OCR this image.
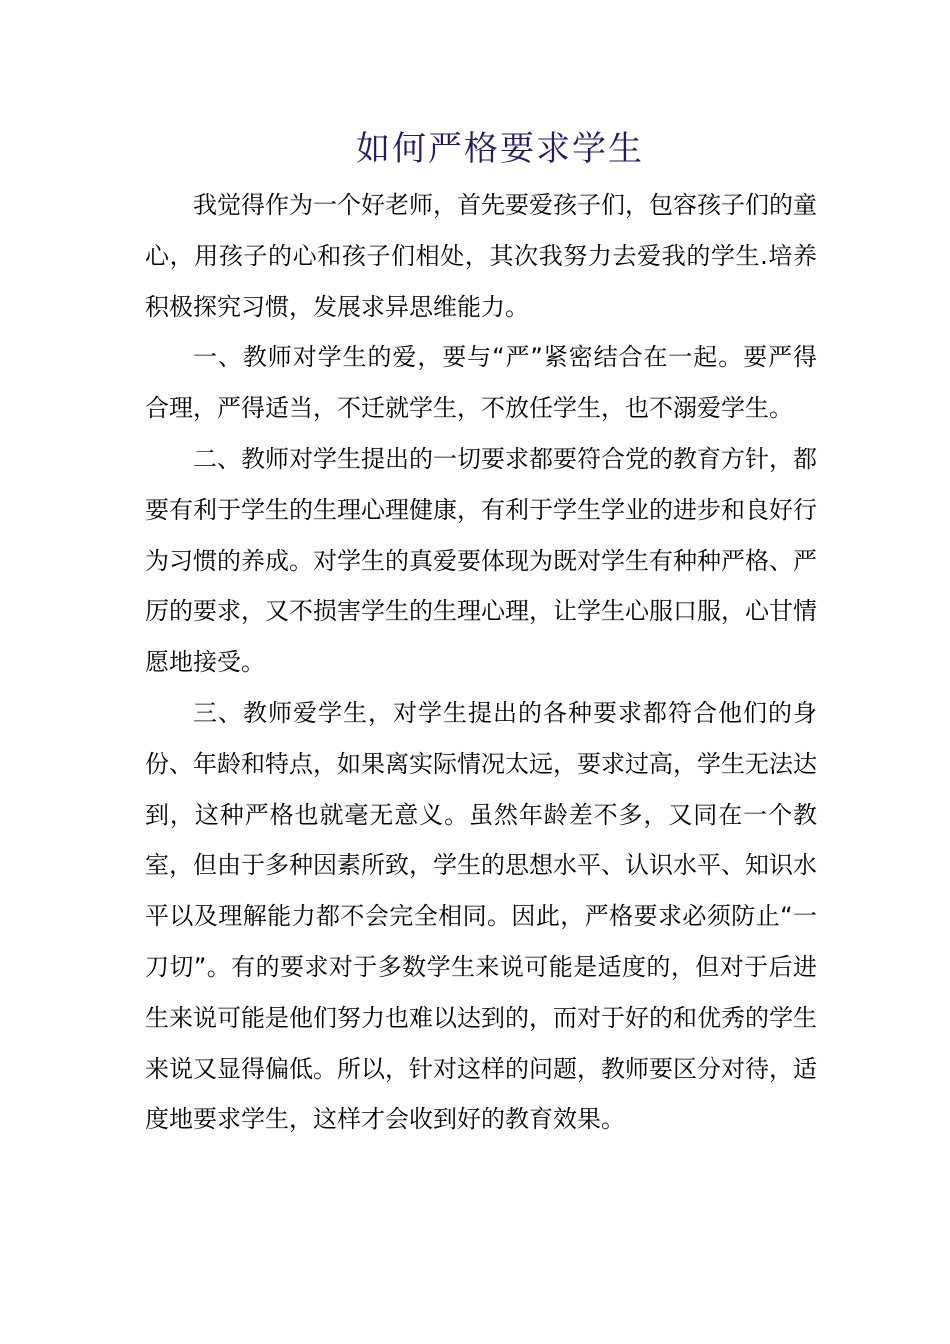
如何严格要求学生

我觉得作为一个好老师，首先要爱孩子们，包容孩子们的童心，用孩子的心和孩子们相处，其次我努力去爱我的学生.培养积极探究习惯，发展求异思维能力。

一、教师对学生的爱，要与“严”紧密结合在一起。要严得合理，严得适当，不迁就学生，不放任学生，也不溺爱学生。

二、教师对学生提出的一切要求都要符合党的教育方针，都要有利于学生的生理心理健康，有利于学生学业的进步和良好行为习惯的养成。对学生的真爱要体现为既对学生有种种严格、严厉的要求，又不损害学生的生理心理，让学生心服口服，心甘情愿地接受。

三、教师爱学生，对学生提出的各种要求都符合他们的身份、年龄和特点，如果离实际情况太远，要求过高，学生无法达到，这种严格也就毫无意义。虽然年龄差不多，又同在一个教室，但由于多种因素所致，学生的思想水平、认识水平、知识水平以及理解能力都不会完全相同。因此，严格要求必须防止“一刀切”。有的要求对于多数学生来说可能是适度的，但对于后进生来说可能是他们努力也难以达到的，而对于好的和优秀的学生来说又显得偏低。所以，针对这样的问题，教师要区分对待，适度地要求学生，这样才会收到好的教育效果。
